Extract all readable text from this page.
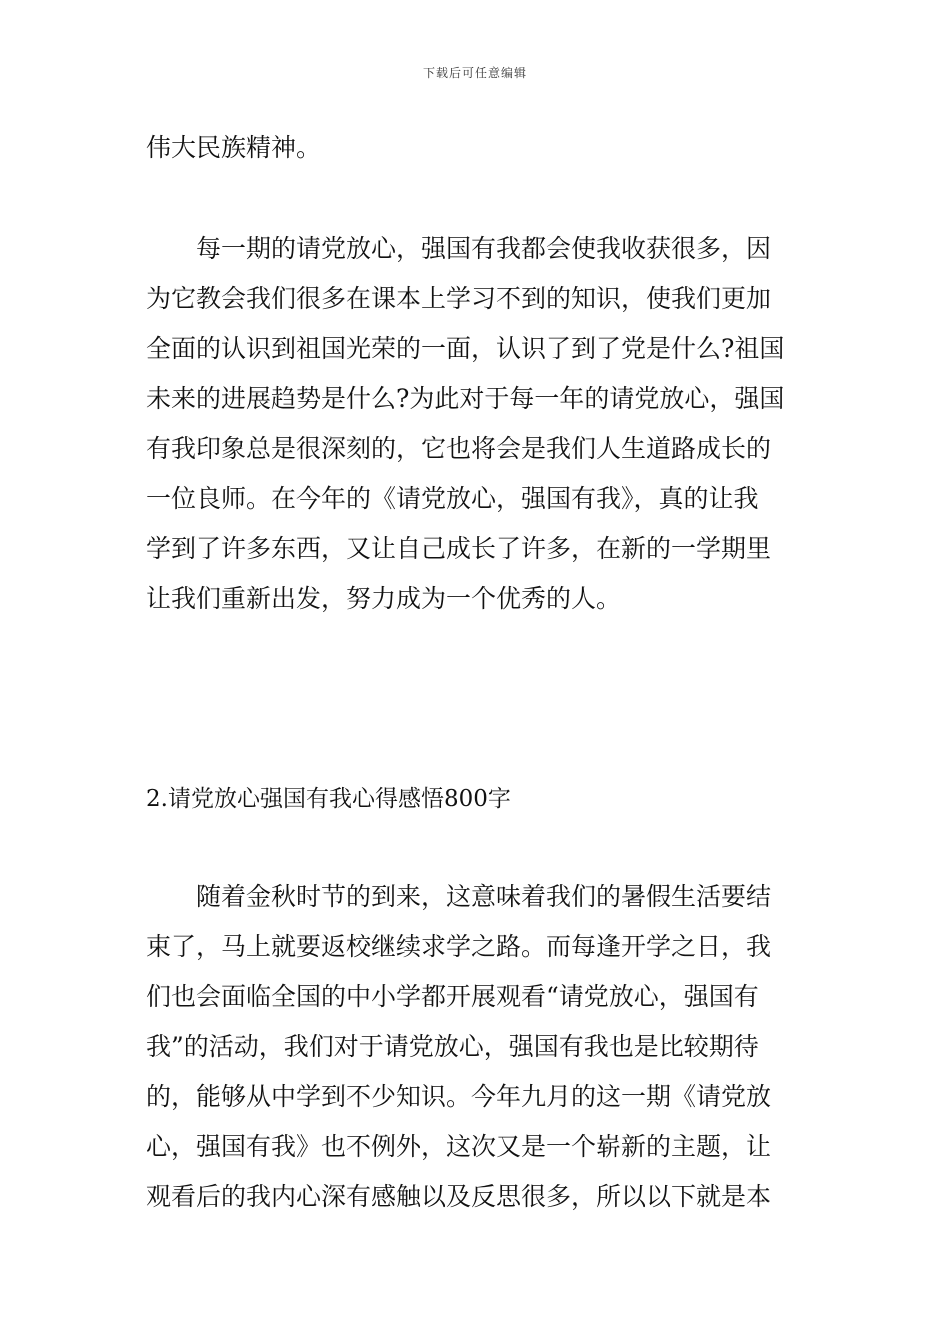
下载后可任意编辑
伟大民族精神。
每一期的请党放心，强国有我都会使我收获很多，因
为它教会我们很多在课本上学习不到的知识，使我们更加
全面的认识到祖国光荣的一面，认识了到了党是什么?祖国
未来的进展趋势是什么?为此对于每一年的请党放心，强国
有我印象总是很深刻的，它也将会是我们人生道路成长的
一位良师。在今年的《请党放心，强国有我》，真的让我
学到了许多东西，又让自己成长了许多，在新的一学期里
让我们重新出发，努力成为一个优秀的人。
2.请党放心强国有我心得感悟800字
随着金秋时节的到来，这意味着我们的暑假生活要结
束了，马上就要返校继续求学之路。而每逢开学之日，我
们也会面临全国的中小学都开展观看“请党放心，强国有
我”的活动，我们对于请党放心，强国有我也是比较期待
的，能够从中学到不少知识。今年九月的这一期《请党放
心，强国有我》也不例外，这次又是一个崭新的主题，让
观看后的我内心深有感触以及反思很多，所以以下就是本
